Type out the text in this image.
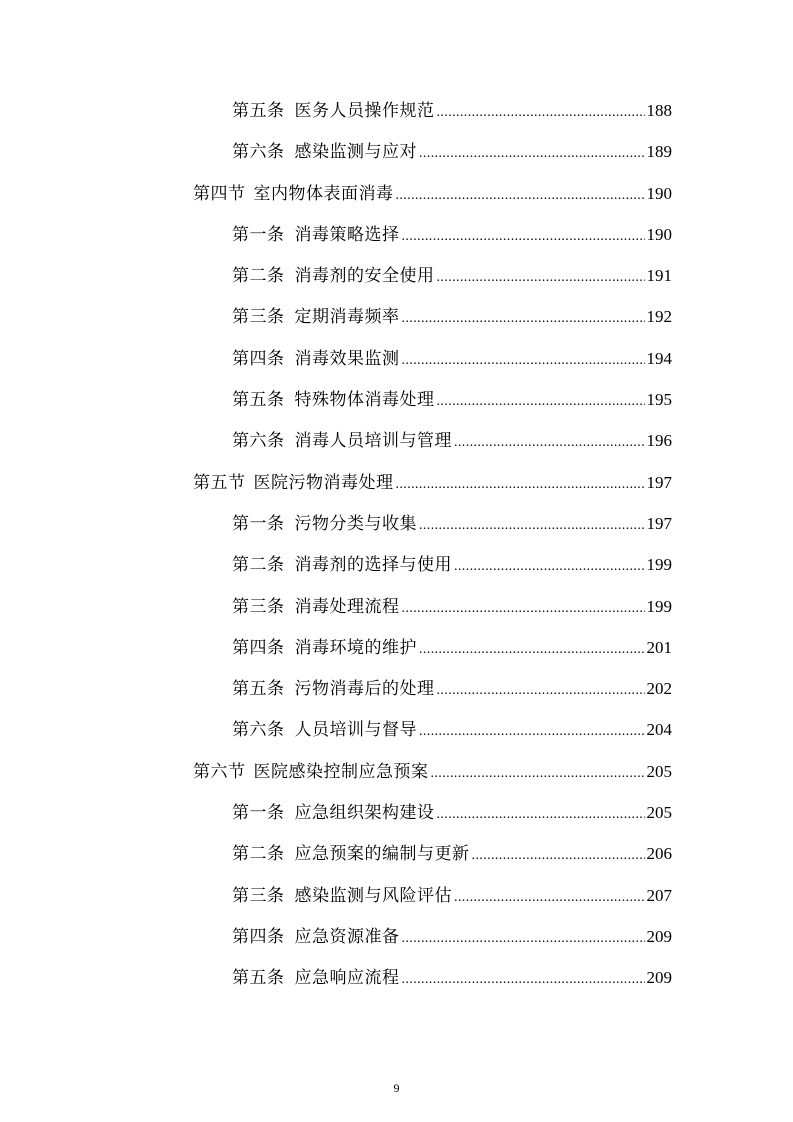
第五条 医务人员操作规范 .....	188
第六条 感染监测与应对 .....	189
第四节 室内物体表面消毒 .....	190
第一条 消毒策略选择 .....	190
第二条 消毒剂的安全使用 .....	191
第三条 定期消毒频率 .....	192
第四条 消毒效果监测 .....	194
第五条 特殊物体消毒处理 .....	195
第六条 消毒人员培训与管理 .....	196
第五节 医院污物消毒处理 .....	197
第一条 污物分类与收集 .....	197
第二条 消毒剂的选择与使用 .....	199
第三条 消毒处理流程 .....	199
第四条 消毒环境的维护 .....	201
第五条 污物消毒后的处理 .....	202
第六条 人员培训与督导 .....	204
第六节 医院感染控制应急预案 .....	205
第一条 应急组织架构建设 .....	205
第二条 应急预案的编制与更新 .....	206
第三条 感染监测与风险评估 .....	207
第四条 应急资源准备 .....	209
第五条 应急响应流程 .....	209
9
